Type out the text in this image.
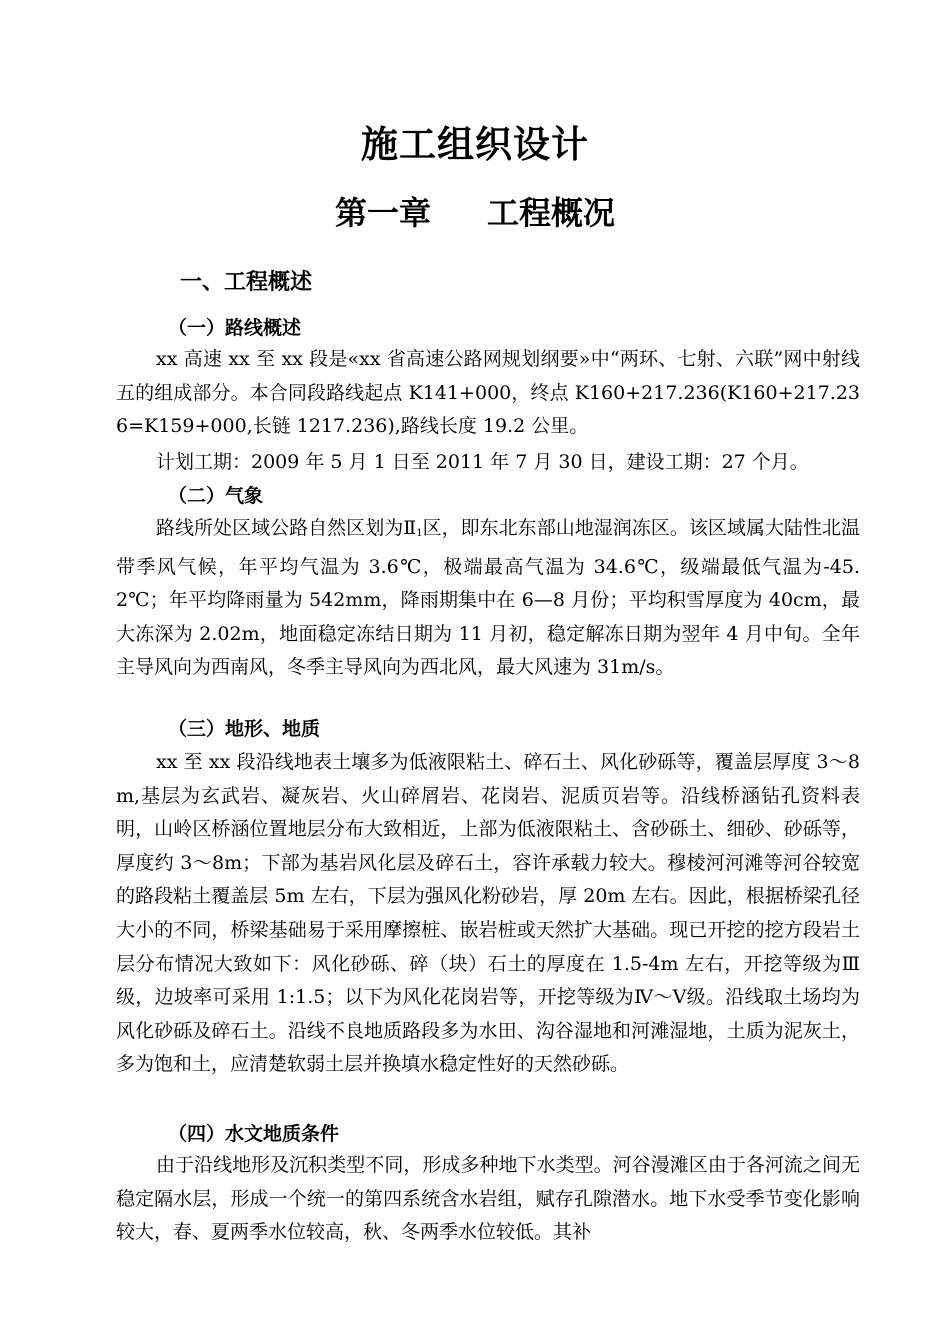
施工组织设计
第一章 工程概况
一、工程概述
（一）路线概述
xx 高速 xx 至 xx 段是«xx 省高速公路网规划纲要»中“两环、七射、六联”网中射线五的组成部分。本合同段路线起点 K141+000，终点 K160+217.236(K160+217.236=K159+000,长链 1217.236),路线长度 19.2 公里。
计划工期：2009 年 5 月 1 日至 2011 年 7 月 30 日，建设工期：27 个月。
（二）气象
路线所处区域公路自然区划为$Ⅱ_1$区，即东北东部山地湿润冻区。该区域属大陆性北温带季风气候，年平均气温为 3.6℃，极端最高气温为 34.6℃，级端最低气温为-45.2℃；年平均降雨量为 542mm，降雨期集中在 6—8 月份；平均积雪厚度为 40cm，最大冻深为 2.02m，地面稳定冻结日期为 11 月初，稳定解冻日期为翌年 4 月中旬。全年主导风向为西南风，冬季主导风向为西北风，最大风速为 31m/s。
（三）地形、地质
xx 至 xx 段沿线地表土壤多为低液限粘土、碎石土、风化砂砾等，覆盖层厚度 3～8m,基层为玄武岩、凝灰岩、火山碎屑岩、花岗岩、泥质页岩等。沿线桥涵钻孔资料表明，山岭区桥涵位置地层分布大致相近，上部为低液限粘土、含砂砾土、细砂、砂砾等，厚度约 3～8m；下部为基岩风化层及碎石土，容许承载力较大。穆棱河河滩等河谷较宽的路段粘土覆盖层 5m 左右，下层为强风化粉砂岩，厚 20m 左右。因此，根据桥梁孔径大小的不同，桥梁基础易于采用摩擦桩、嵌岩桩或天然扩大基础。现已开挖的挖方段岩土层分布情况大致如下：风化砂砾、碎（块）石土的厚度在 1.5-4m 左右，开挖等级为Ⅲ级，边坡率可采用 1:1.5；以下为风化花岗岩等，开挖等级为Ⅳ～Ⅴ级。沿线取土场均为风化砂砾及碎石土。沿线不良地质路段多为水田、沟谷湿地和河滩湿地，土质为泥灰土，多为饱和土，应清楚软弱土层并换填水稳定性好的天然砂砾。
（四）水文地质条件
由于沿线地形及沉积类型不同，形成多种地下水类型。河谷漫滩区由于各河流之间无稳定隔水层，形成一个统一的第四系统含水岩组，赋存孔隙潜水。地下水受季节变化影响较大，春、夏两季水位较高，秋、冬两季水位较低。其补
